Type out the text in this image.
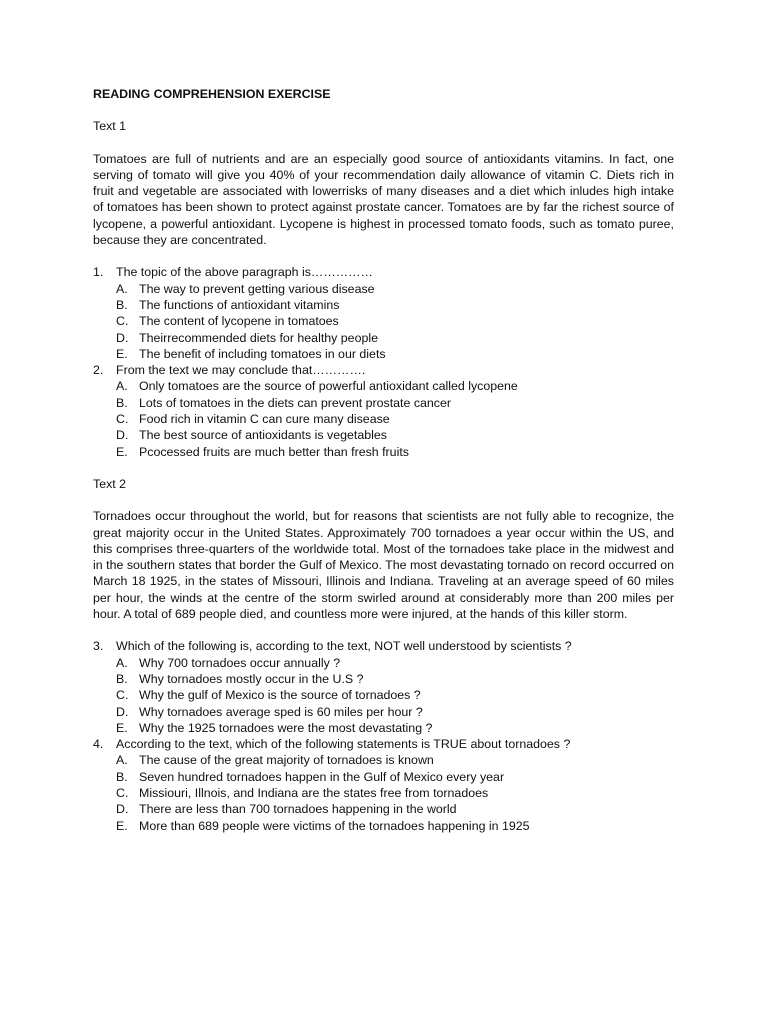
READING COMPREHENSION EXERCISE

Text 1

Tomatoes are full of nutrients and are an especially good source of antioxidants vitamins. In fact, one serving of tomato will give you 40% of your recommendation daily allowance of vitamin C. Diets rich in fruit and vegetable are associated with lowerrisks of many diseases and a diet which inludes high intake of tomatoes has been shown to protect against prostate cancer. Tomatoes are by far the richest source of lycopene, a powerful antioxidant. Lycopene is highest in processed tomato foods, such as tomato puree, because they are concentrated.

1.	The topic of the above paragraph is……………
A. The way to prevent getting various disease
B. The functions of antioxidant vitamins
C. The content of lycopene in tomatoes
D. Theirrecommended diets for healthy people
E. The benefit of including tomatoes in our diets
2.	From the text we may conclude that………….
A. Only tomatoes are the source of powerful antioxidant called lycopene
B. Lots of tomatoes in the diets can prevent prostate cancer
C. Food rich in vitamin C can cure many disease
D. The best source of antioxidants is vegetables
E. Pcocessed fruits are much better than fresh fruits

Text 2

Tornadoes occur throughout the world, but for reasons that scientists are not fully able to recognize, the great majority occur in the United States. Approximately 700 tornadoes a year occur within the US, and this comprises three-quarters of the worldwide total. Most of the tornadoes take place in the midwest and in the southern states that border the Gulf of Mexico. The most devastating tornado on record occurred on March 18 1925, in the states of Missouri, Illinois and Indiana. Traveling at an average speed of 60 miles per hour, the winds at the centre of the storm swirled around at considerably more than 200 miles per hour. A total of 689 people died, and countless more were injured, at the hands of this killer storm.

3.	Which of the following is, according to the text, NOT well understood by scientists ?
A. Why 700 tornadoes occur annually ?
B. Why tornadoes mostly occur in the U.S ?
C. Why the gulf of Mexico is the source of tornadoes ?
D. Why tornadoes average sped is 60 miles per hour ?
E. Why the 1925 tornadoes were the most devastating ?
4.	According to the text, which of the following statements is TRUE about tornadoes ?
A. The cause of the great majority of tornadoes is known
B. Seven hundred tornadoes happen in the Gulf of Mexico every year
C. Missiouri, Illnois, and Indiana are the states free from tornadoes
D. There are less than 700 tornadoes happening in the world
E. More than 689 people were victims of the tornadoes happening in 1925
